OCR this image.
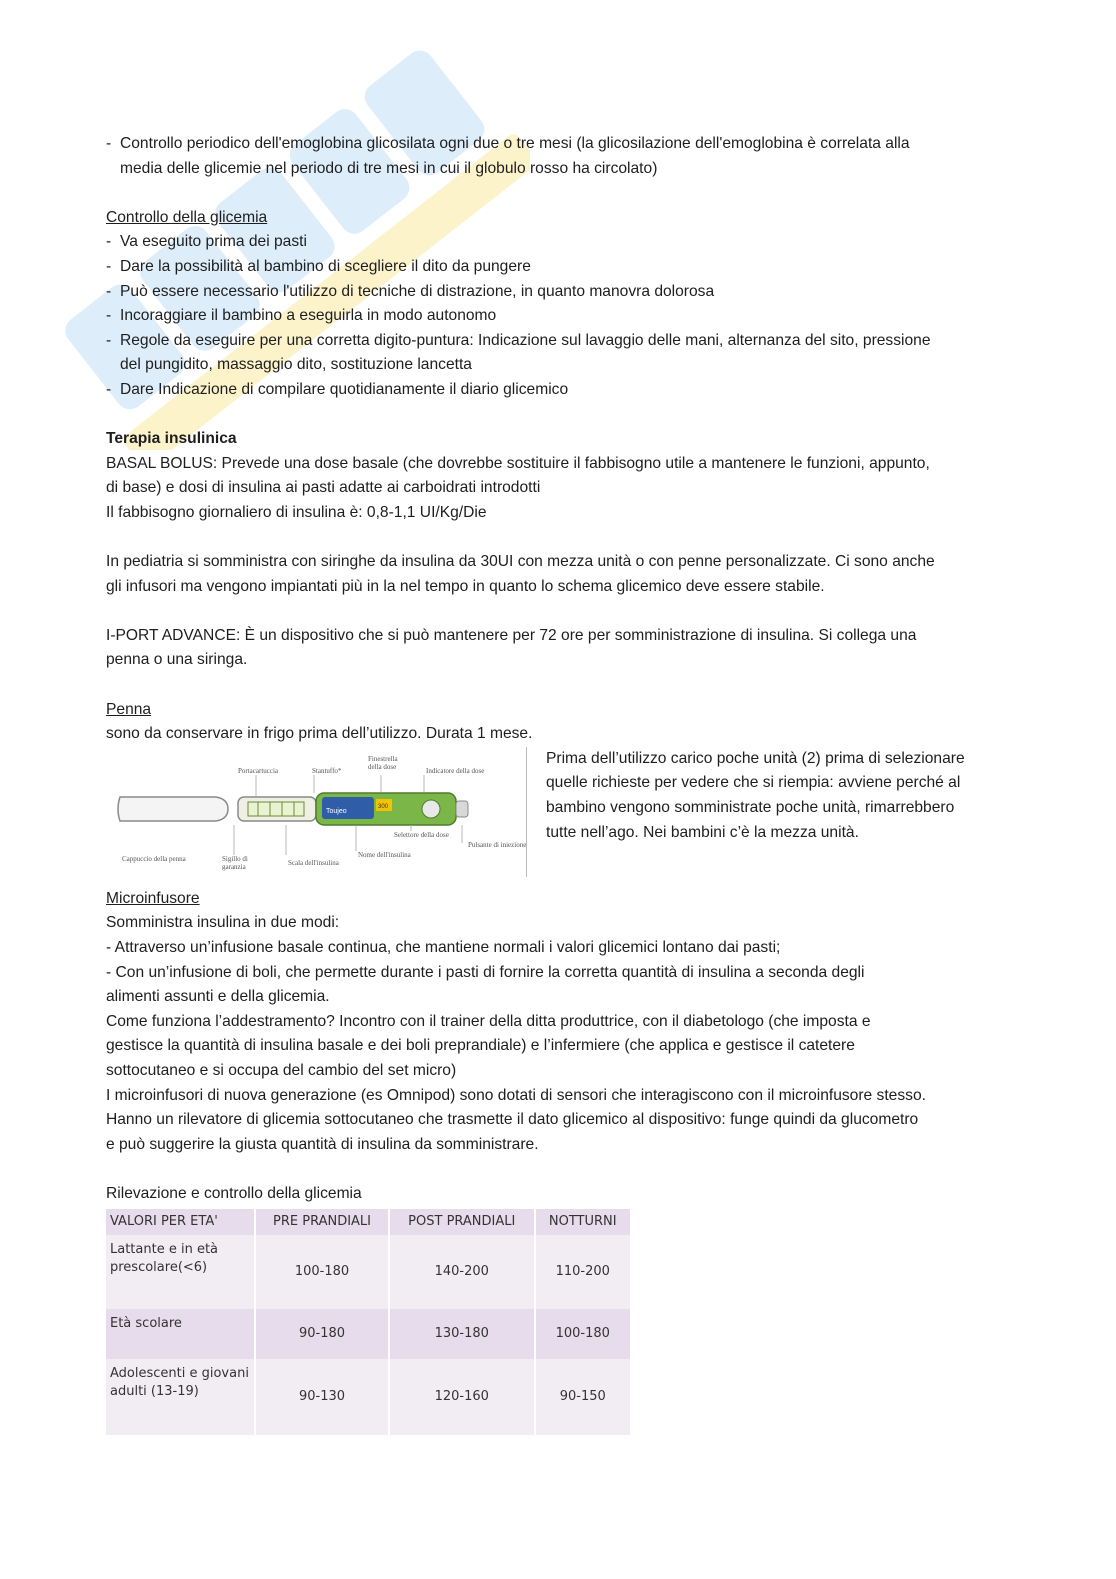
- Controllo periodico dell'emoglobina glicosilata ogni due o tre mesi (la glicosilazione dell'emoglobina è correlata alla
media delle glicemie nel periodo di tre mesi in cui il globulo rosso ha circolato)
Controllo della glicemia
- Va eseguito prima dei pasti
- Dare la possibilità al bambino di scegliere il dito da pungere
- Può essere necessario l'utilizzo di tecniche di distrazione, in quanto manovra dolorosa
- Incoraggiare il bambino a eseguirla in modo autonomo
- Regole da eseguire per una corretta digito-puntura: Indicazione sul lavaggio delle mani, alternanza del sito, pressione
del pungidito, massaggio dito, sostituzione lancetta
- Dare Indicazione di compilare quotidianamente il diario glicemico
Terapia insulinica
BASAL BOLUS: Prevede una dose basale (che dovrebbe sostituire il fabbisogno utile a mantenere le funzioni, appunto,
di base) e dosi di insulina ai pasti adatte ai carboidrati introdotti
Il fabbisogno giornaliero di insulina è: 0,8-1,1 UI/Kg/Die
In pediatria si somministra con siringhe da insulina da 30UI con mezza unità o con penne personalizzate. Ci sono anche
gli infusori ma vengono impiantati più in la nel tempo in quanto lo schema glicemico deve essere stabile.
I-PORT ADVANCE: È un dispositivo che si può mantenere per 72 ore per somministrazione di insulina. Si collega una
penna o una siringa.
Penna
sono da conservare in frigo prima dell’utilizzo. Durata 1 mese.
Toujeo
300
Portacartuccia	Stantuffo*
Finestrella della dose	Indicatore della dose
Selettore della dose
Pulsante di iniezione
Cappuccio della penna	Sigillo di garanzia	Scala dell'insulina
Nome dell'insulina
Prima dell’utilizzo carico poche unità (2) prima di selezionare
quelle richieste per vedere che si riempia: avviene perché al
bambino vengono somministrate poche unità, rimarrebbero
tutte nell’ago. Nei bambini c’è la mezza unità.
Microinfusore
Somministra insulina in due modi:
- Attraverso un’infusione basale continua, che mantiene normali i valori glicemici lontano dai pasti;
- Con un’infusione di boli, che permette durante i pasti di fornire la corretta quantità di insulina a seconda degli
alimenti assunti e della glicemia.
Come funziona l’addestramento? Incontro con il trainer della ditta produttrice, con il diabetologo (che imposta e
gestisce la quantità di insulina basale e dei boli preprandiale) e l’infermiere (che applica e gestisce il catetere
sottocutaneo e si occupa del cambio del set micro)
I microinfusori di nuova generazione (es Omnipod) sono dotati di sensori che interagiscono con il microinfusore stesso.
Hanno un rilevatore di glicemia sottocutaneo che trasmette il dato glicemico al dispositivo: funge quindi da glucometro
e può suggerire la giusta quantità di insulina da somministrare.
Rilevazione e controllo della glicemia
VALORI PER ETA'	PRE PRANDIALI	POST PRANDIALI	NOTTURNI
Lattante e in età prescolare(<6)	100-180	140-200	110-200
Età scolare	90-180	130-180	100-180
Adolescenti e giovani adulti (13-19)	90-130	120-160	90-150
